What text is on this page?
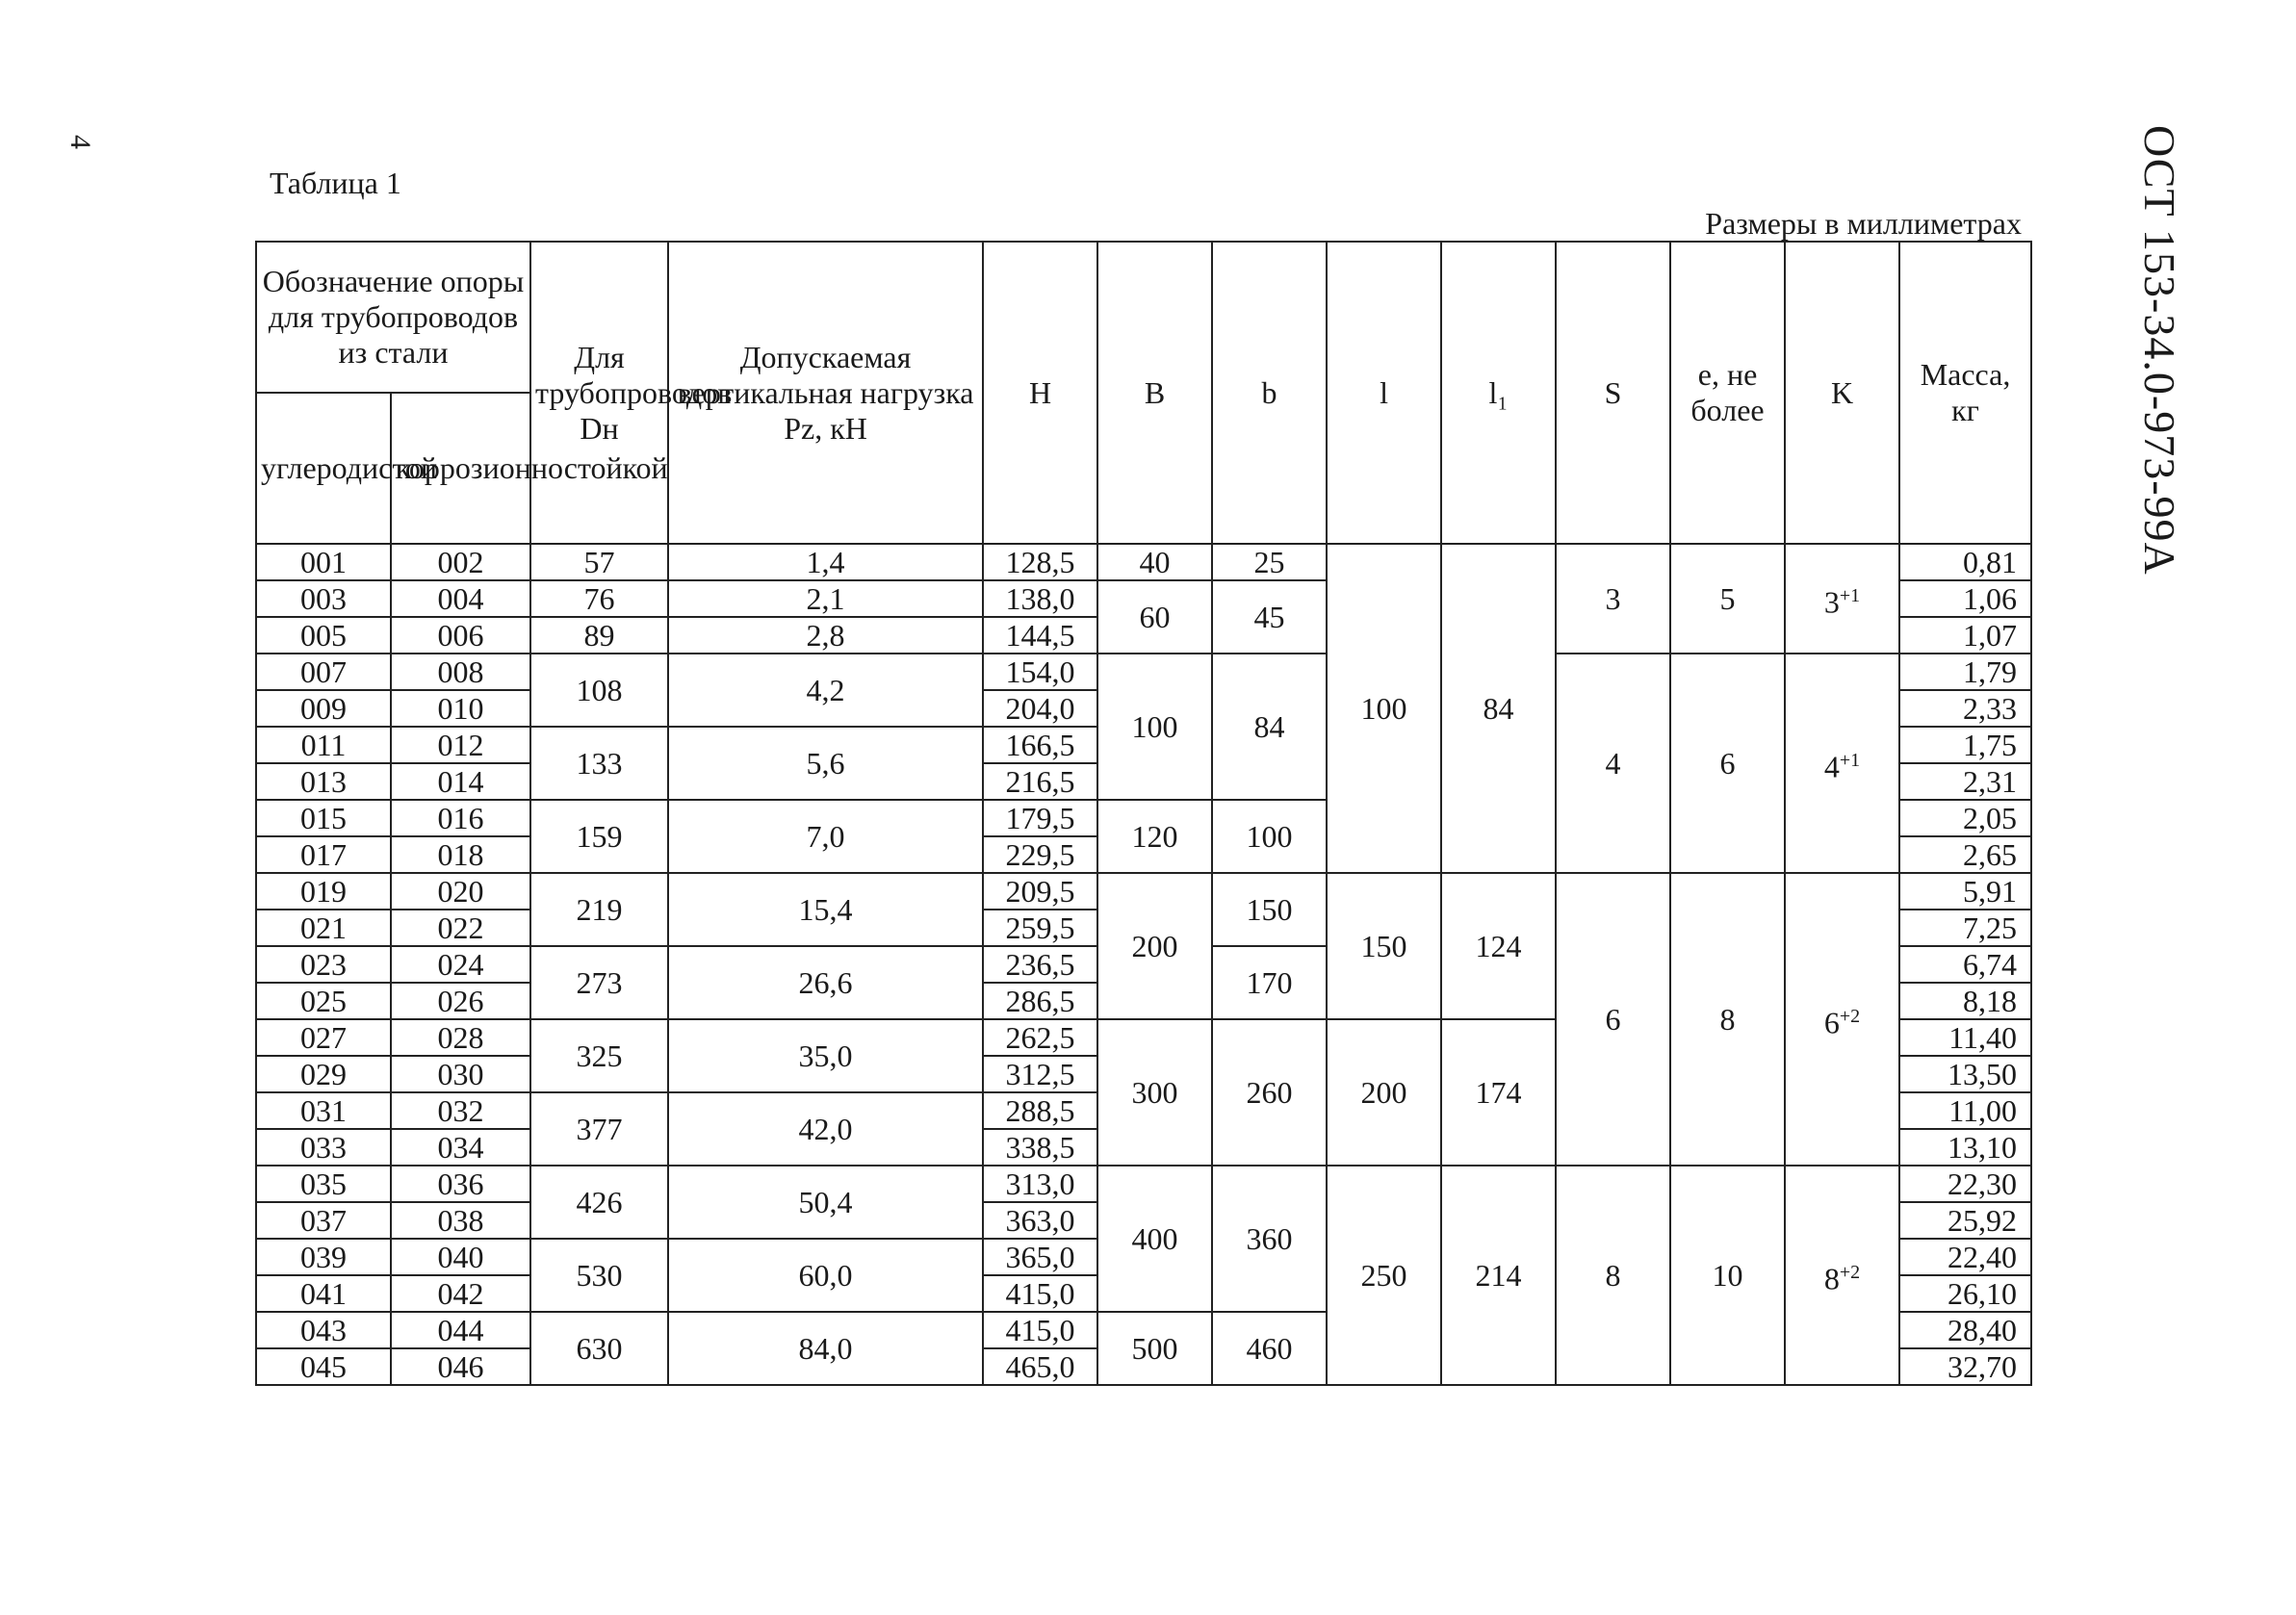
4	ОСТ 153-34.0-973-99А
Таблица 1
Размеры в миллиметрах
Обозначение опоры для трубопроводов из стали		Для трубопроводов Dн	Допускаемая вертикальная нагрузка Pz, кН	H	B	b	l	l₁	S	e, не более	K	Масса, кг
углеродистой	коррозионностойкой											
001	002	57	1,4	128,5	40	25	100	84	3	5	$3^{+1}$	0,81
003	004	76	2,1	138,0	60	45						1,06
005	006	89	2,8	144,5								1,07
007	008	108	4,2	154,0	100	84			4	6	$4^{+1}$	1,79
009	010			204,0								2,33
011	012	133	5,6	166,5								1,75
013	014			216,5								2,31
015	016	159	7,0	179,5	120	100						2,05
017	018			229,5								2,65
019	020	219	15,4	209,5	200	150	150	124	6	8	$6^{+2}$	5,91
021	022			259,5								7,25
023	024	273	26,6	236,5		170						6,74
025	026			286,5								8,18
027	028	325	35,0	262,5	300	260	200	174				11,40
029	030			312,5								13,50
031	032	377	42,0	288,5								11,00
033	034			338,5								13,10
035	036	426	50,4	313,0	400	360	250	214	8	10	$8^{+2}$	22,30
037	038			363,0								25,92
039	040	530	60,0	365,0								22,40
041	042			415,0								26,10
043	044	630	84,0	415,0	500	460						28,40
045	046			465,0								32,70
